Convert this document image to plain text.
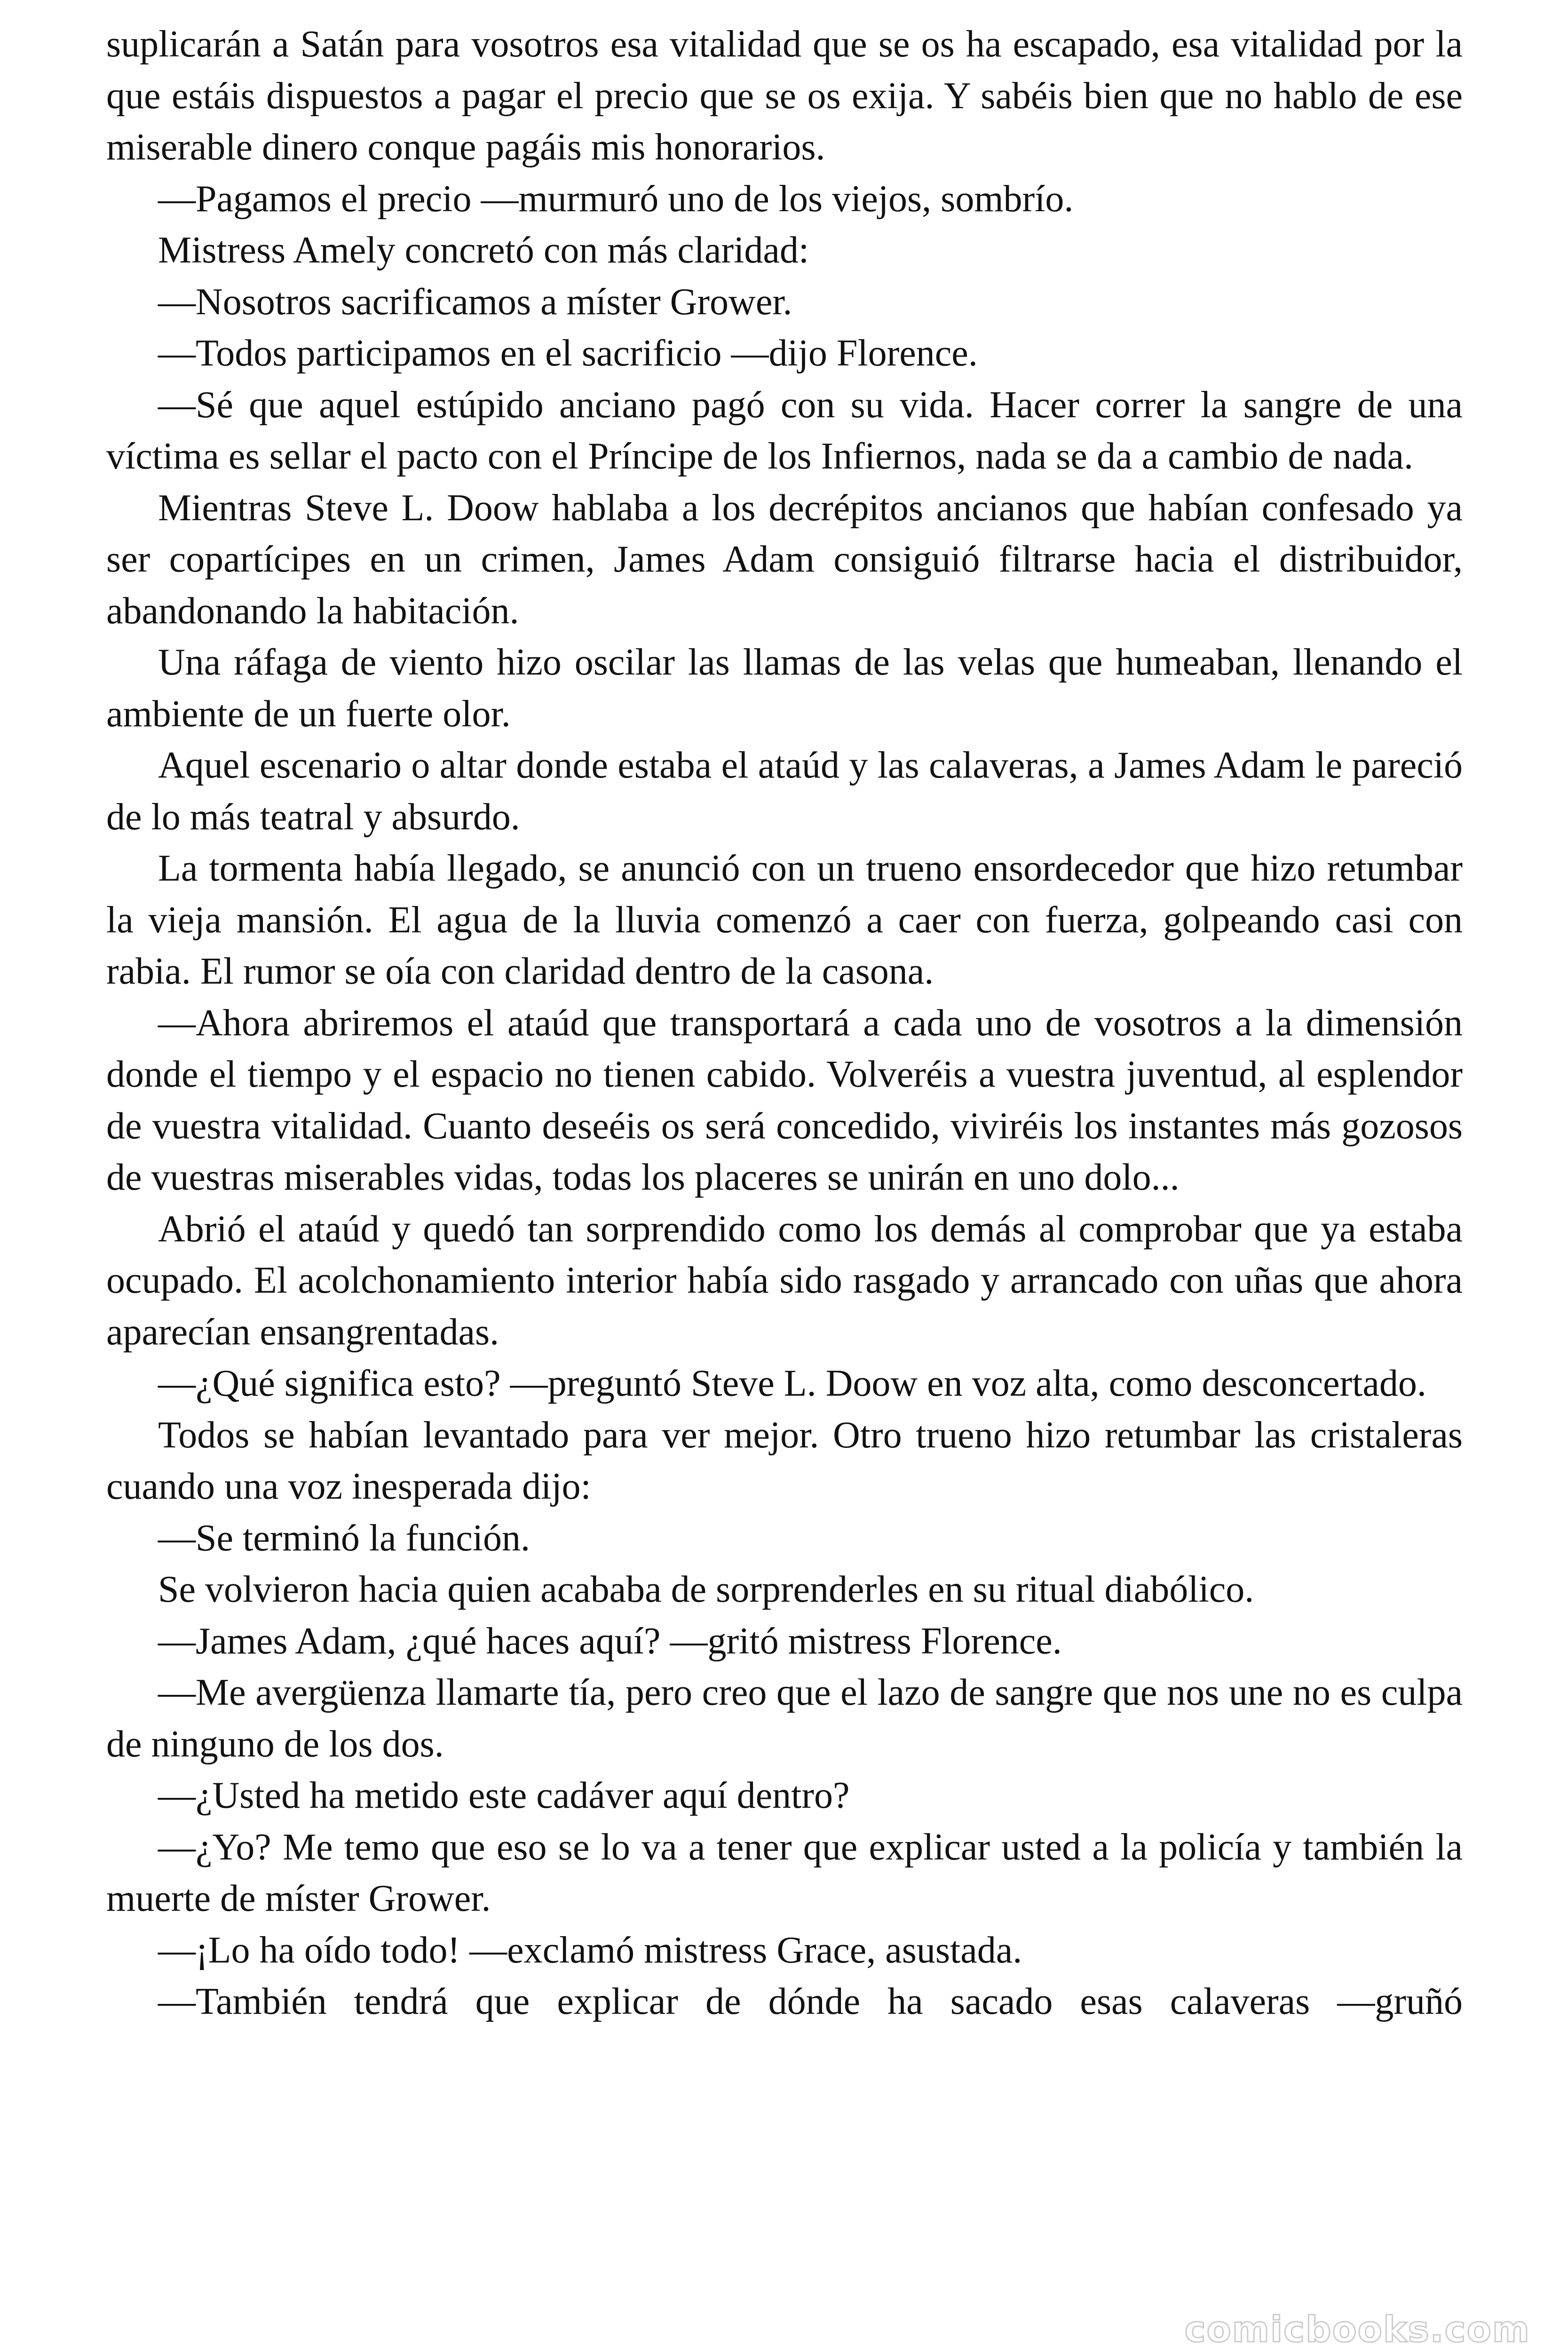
suplicarán a Satán para vosotros esa vitalidad que se os ha escapado, esa vitalidad por la que estáis dispuestos a pagar el precio que se os exija. Y sabéis bien que no hablo de ese miserable dinero conque pagáis mis honorarios.

—Pagamos el precio —murmuró uno de los viejos, sombrío.

Mistress Amely concretó con más claridad:

—Nosotros sacrificamos a míster Grower.

—Todos participamos en el sacrificio —dijo Florence.

—Sé que aquel estúpido anciano pagó con su vida. Hacer correr la sangre de una víctima es sellar el pacto con el Príncipe de los Infiernos, nada se da a cambio de nada.

Mientras Steve L. Doow hablaba a los decrépitos ancianos que habían confesado ya ser copartícipes en un crimen, James Adam consiguió filtrarse hacia el distribuidor, abandonando la habitación.

Una ráfaga de viento hizo oscilar las llamas de las velas que humeaban, llenando el ambiente de un fuerte olor.

Aquel escenario o altar donde estaba el ataúd y las calaveras, a James Adam le pareció de lo más teatral y absurdo.

La tormenta había llegado, se anunció con un trueno ensordecedor que hizo retumbar la vieja mansión. El agua de la lluvia comenzó a caer con fuerza, golpeando casi con rabia. El rumor se oía con claridad dentro de la casona.

—Ahora abriremos el ataúd que transportará a cada uno de vosotros a la dimensión donde el tiempo y el espacio no tienen cabido. Volveréis a vuestra juventud, al esplendor de vuestra vitalidad. Cuanto deseéis os será concedido, viviréis los instantes más gozosos de vuestras miserables vidas, todas los placeres se unirán en uno dolo...

Abrió el ataúd y quedó tan sorprendido como los demás al comprobar que ya estaba ocupado. El acolchonamiento interior había sido rasgado y arrancado con uñas que ahora aparecían ensangrentadas.

—¿Qué significa esto? —preguntó Steve L. Doow en voz alta, como desconcertado.

Todos se habían levantado para ver mejor. Otro trueno hizo retumbar las cristaleras cuando una voz inesperada dijo:

—Se terminó la función.

Se volvieron hacia quien acababa de sorprenderles en su ritual diabólico.

—James Adam, ¿qué haces aquí? —gritó mistress Florence.

—Me avergüenza llamarte tía, pero creo que el lazo de sangre que nos une no es culpa de ninguno de los dos.

—¿Usted ha metido este cadáver aquí dentro?

—¿Yo? Me temo que eso se lo va a tener que explicar usted a la policía y también la muerte de míster Grower.

—¡Lo ha oído todo! —exclamó mistress Grace, asustada.

—También tendrá que explicar de dónde ha sacado esas calaveras —gruñó

comicbooks.com
